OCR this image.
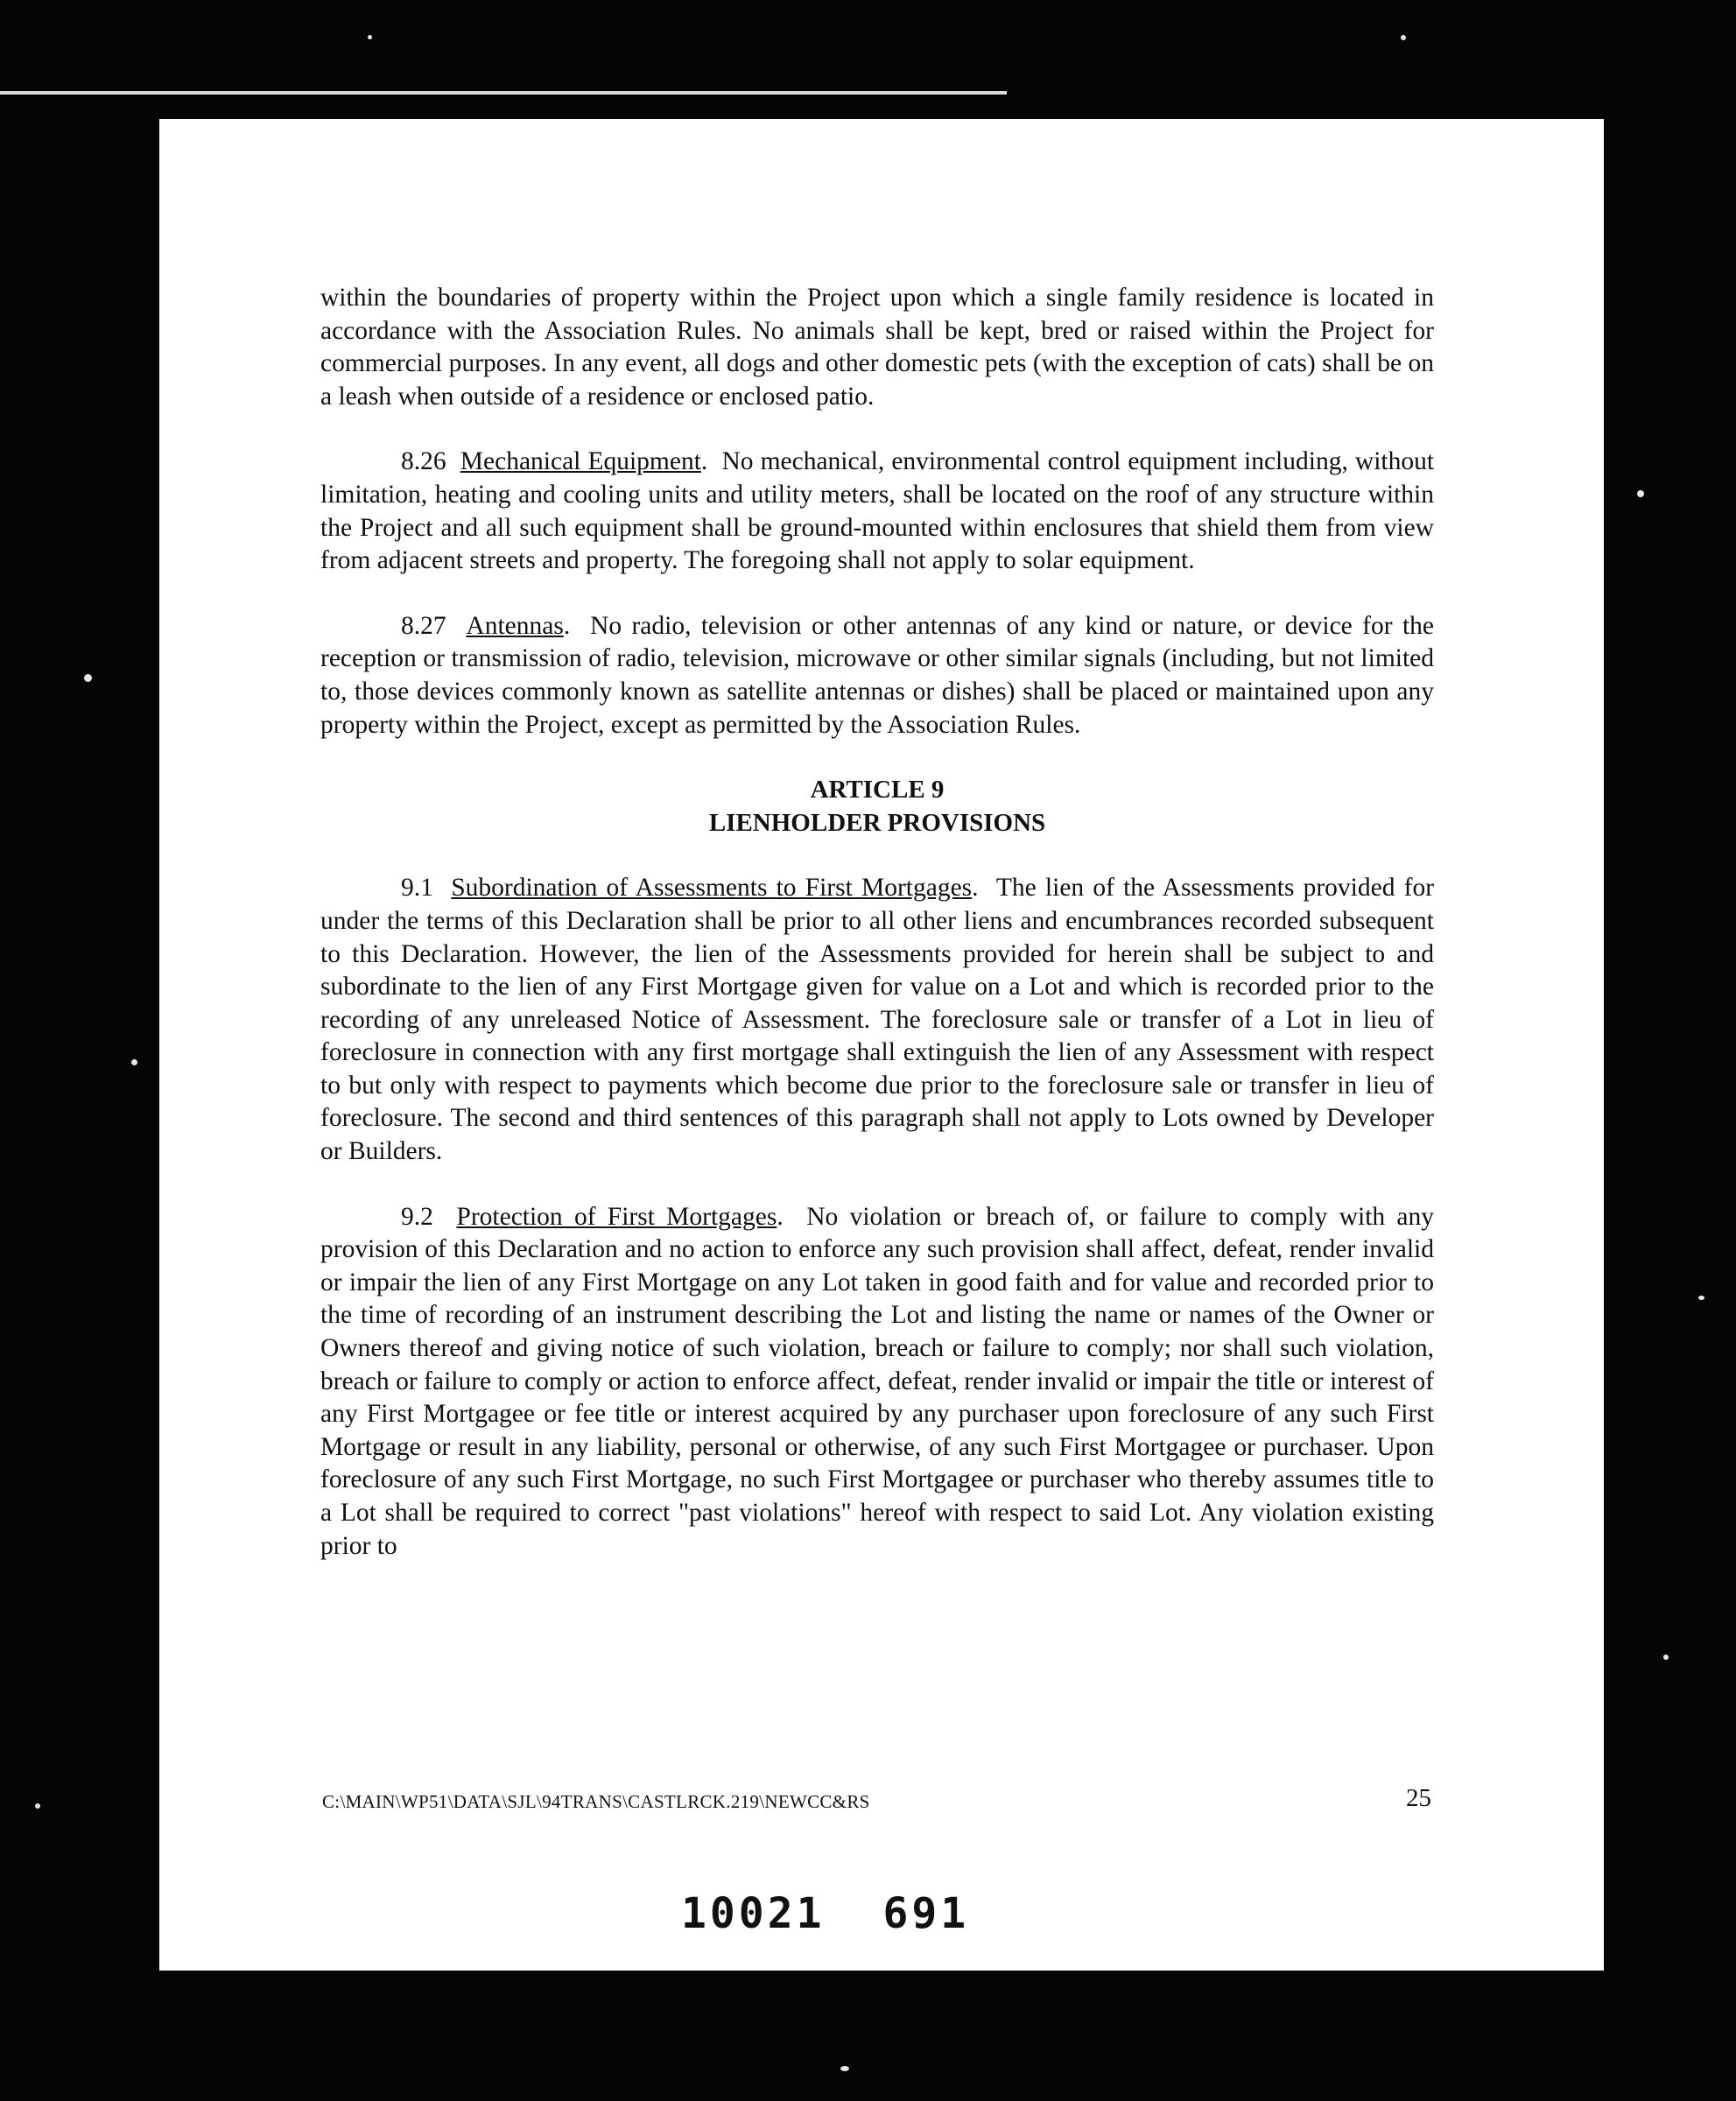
within the boundaries of property within the Project upon which a single family residence is located in accordance with the Association Rules. No animals shall be kept, bred or raised within the Project for commercial purposes. In any event, all dogs and other domestic pets (with the exception of cats) shall be on a leash when outside of a residence or enclosed patio.

8.26 Mechanical Equipment.  No mechanical, environmental control equipment including, without limitation, heating and cooling units and utility meters, shall be located on the roof of any structure within the Project and all such equipment shall be ground-mounted within enclosures that shield them from view from adjacent streets and property. The foregoing shall not apply to solar equipment.

8.27 Antennas.  No radio, television or other antennas of any kind or nature, or device for the reception or transmission of radio, television, microwave or other similar signals (including, but not limited to, those devices commonly known as satellite antennas or dishes) shall be placed or maintained upon any property within the Project, except as permitted by the Association Rules.

ARTICLE 9

LIENHOLDER PROVISIONS

9.1 Subordination of Assessments to First Mortgages.  The lien of the Assessments provided for under the terms of this Declaration shall be prior to all other liens and encumbrances recorded subsequent to this Declaration. However, the lien of the Assessments provided for herein shall be subject to and subordinate to the lien of any First Mortgage given for value on a Lot and which is recorded prior to the recording of any unreleased Notice of Assessment. The foreclosure sale or transfer of a Lot in lieu of foreclosure in connection with any first mortgage shall extinguish the lien of any Assessment with respect to but only with respect to payments which become due prior to the foreclosure sale or transfer in lieu of foreclosure. The second and third sentences of this paragraph shall not apply to Lots owned by Developer or Builders.

9.2 Protection of First Mortgages.  No violation or breach of, or failure to comply with any provision of this Declaration and no action to enforce any such provision shall affect, defeat, render invalid or impair the lien of any First Mortgage on any Lot taken in good faith and for value and recorded prior to the time of recording of an instrument describing the Lot and listing the name or names of the Owner or Owners thereof and giving notice of such violation, breach or failure to comply; nor shall such violation, breach or failure to comply or action to enforce affect, defeat, render invalid or impair the title or interest of any First Mortgagee or fee title or interest acquired by any purchaser upon foreclosure of any such First Mortgage or result in any liability, personal or otherwise, of any such First Mortgagee or purchaser. Upon foreclosure of any such First Mortgage, no such First Mortgagee or purchaser who thereby assumes title to a Lot shall be required to correct "past violations" hereof with respect to said Lot. Any violation existing prior to

C:\MAIN\WP51\DATA\SJL\94TRANS\CASTLRCK.219\NEWCC&RS	25
10021 691
